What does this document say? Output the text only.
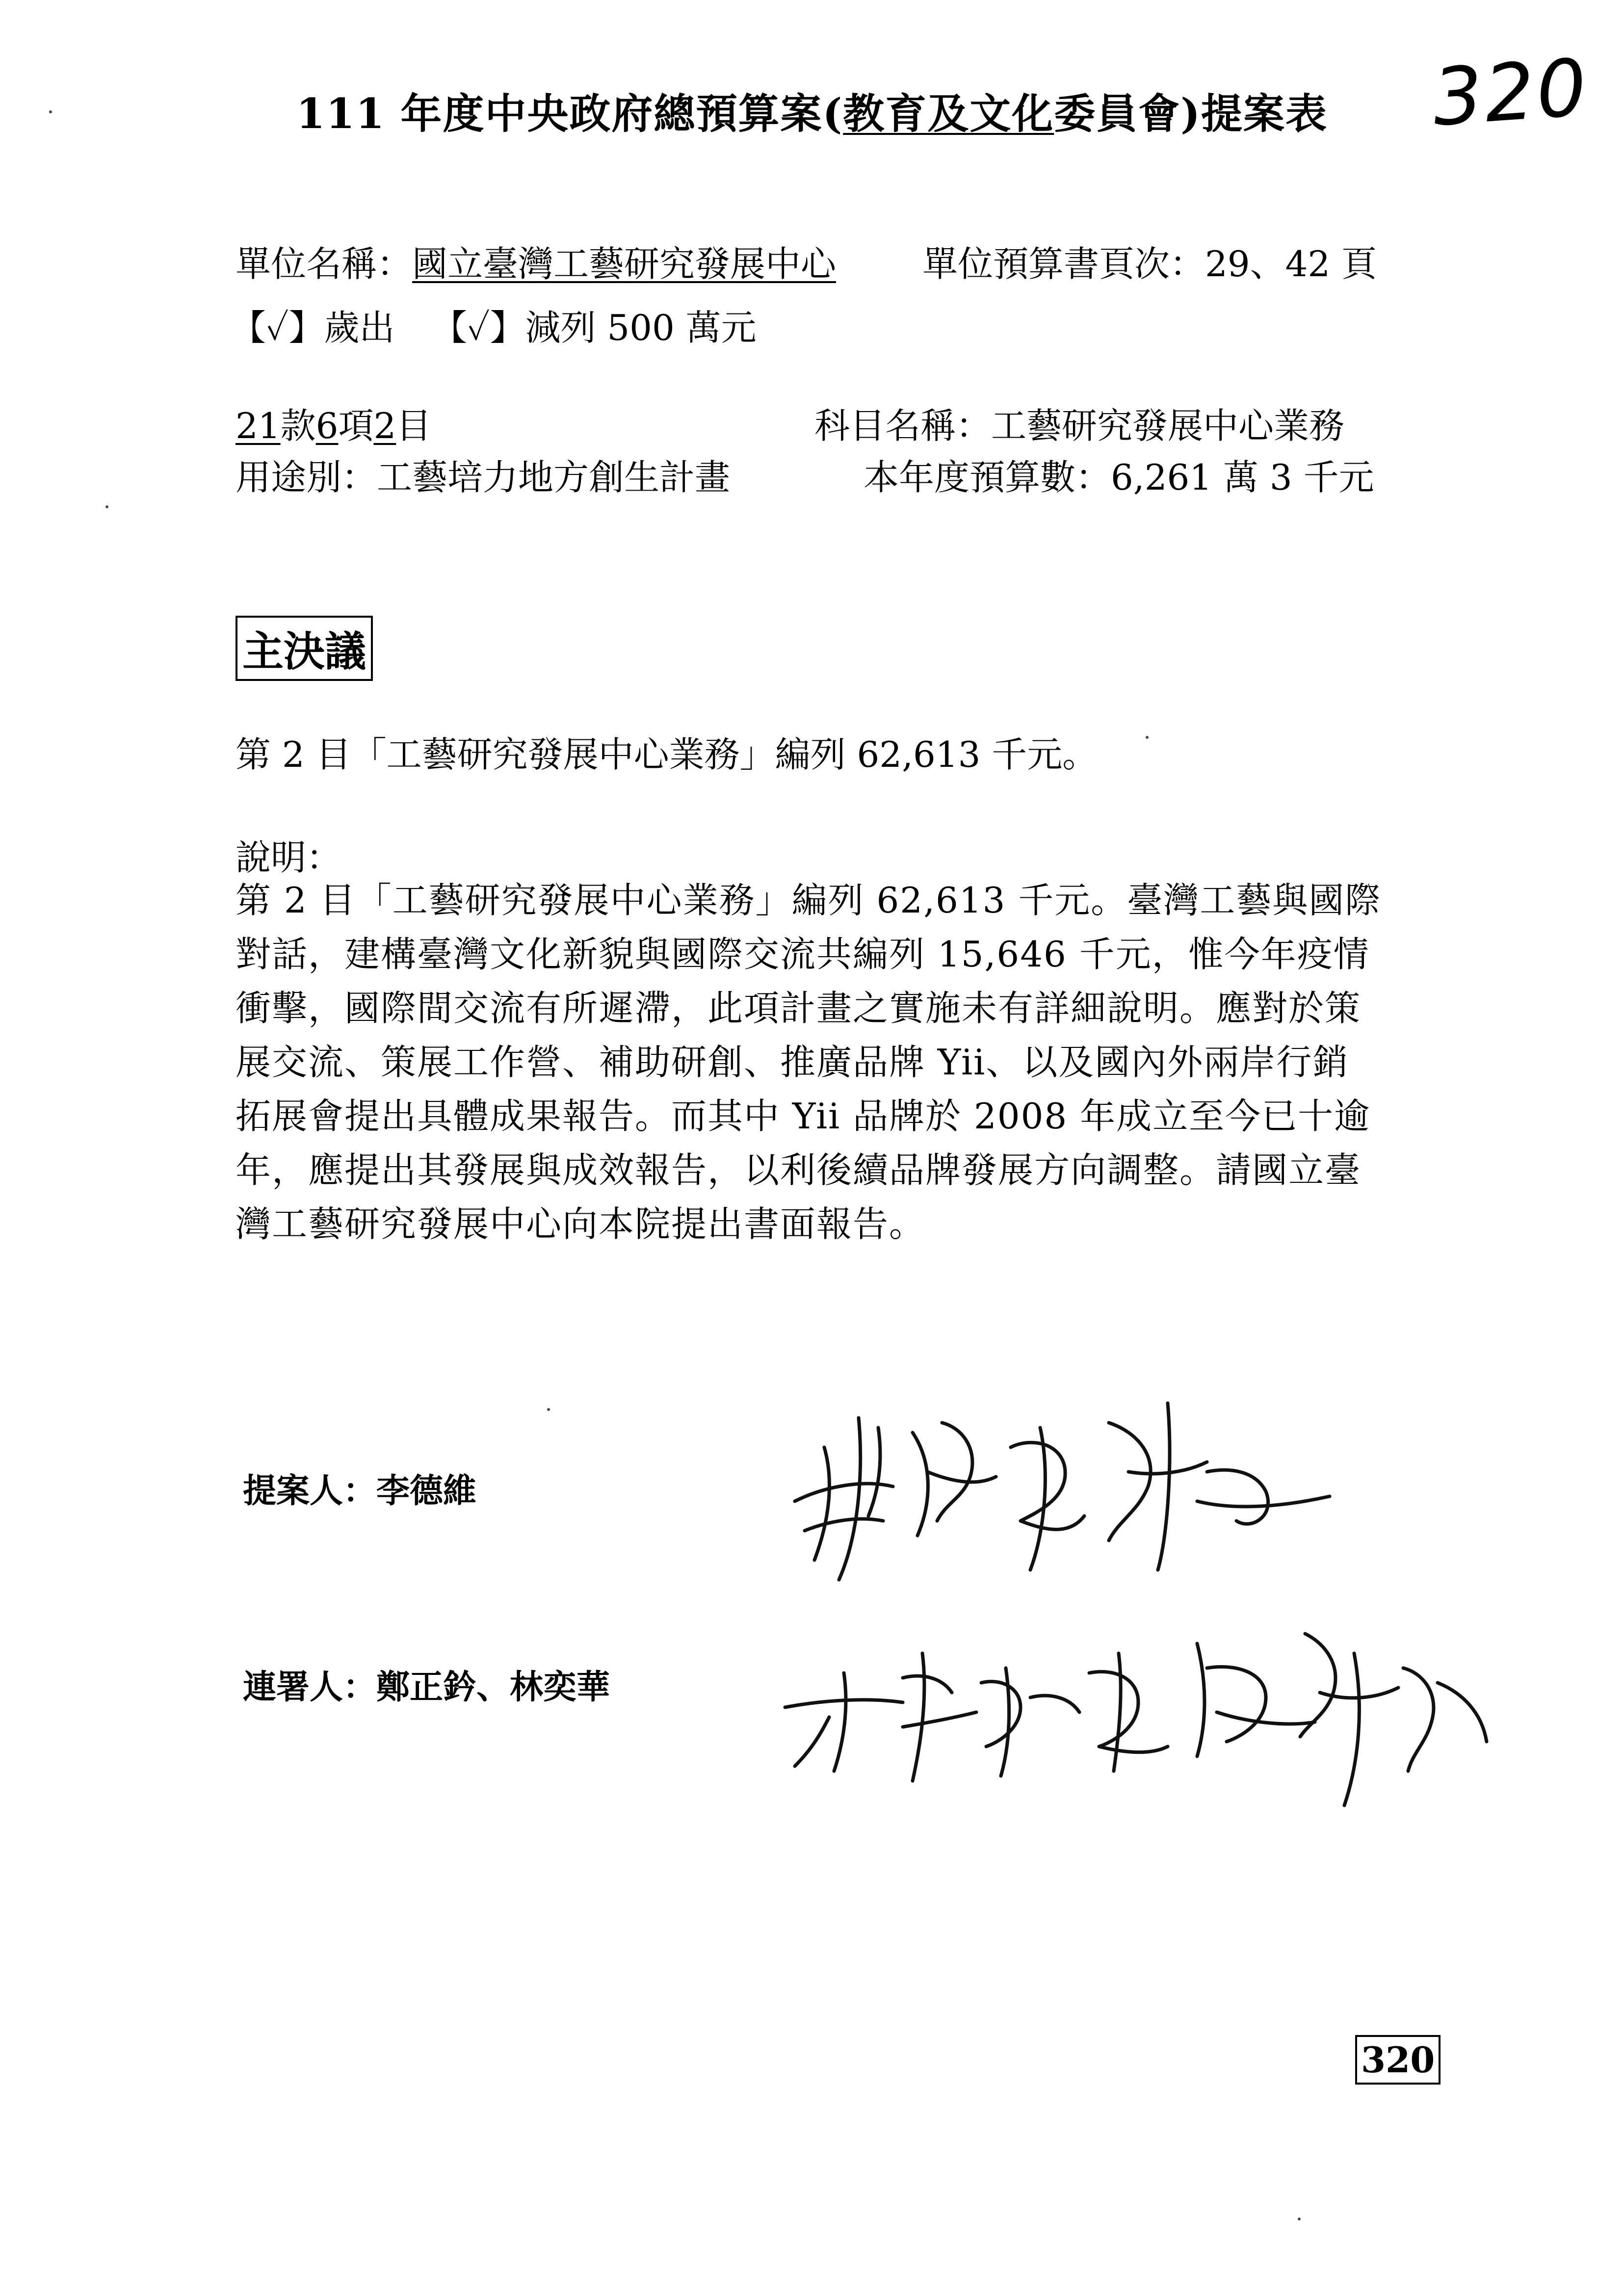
111 年度中央政府總預算案(教育及文化委員會)提案表	320
單位名稱：國立臺灣工藝研究發展中心 單位預算書頁次：29、42 頁
【✓】歲出 【✓】減列 500 萬元
21款6項2目	科目名稱：工藝研究發展中心業務
用途別：工藝培力地方創生計畫	本年度預算數：6,261 萬 3 千元
主決議
第 2 目「工藝研究發展中心業務」編列 62,613 千元。
說明：
第 2 目「工藝研究發展中心業務」編列 62,613 千元。臺灣工藝與國際
對話，建構臺灣文化新貌與國際交流共編列 15,646 千元，惟今年疫情
衝擊，國際間交流有所遲滯，此項計畫之實施未有詳細說明。應對於策
展交流、策展工作營、補助研創、推廣品牌 Yii、以及國內外兩岸行銷
拓展會提出具體成果報告。而其中 Yii 品牌於 2008 年成立至今已十逾
年，應提出其發展與成效報告，以利後續品牌發展方向調整。請國立臺
灣工藝研究發展中心向本院提出書面報告。
提案人：李德維
連署人：鄭正鈐、林奕華
320
